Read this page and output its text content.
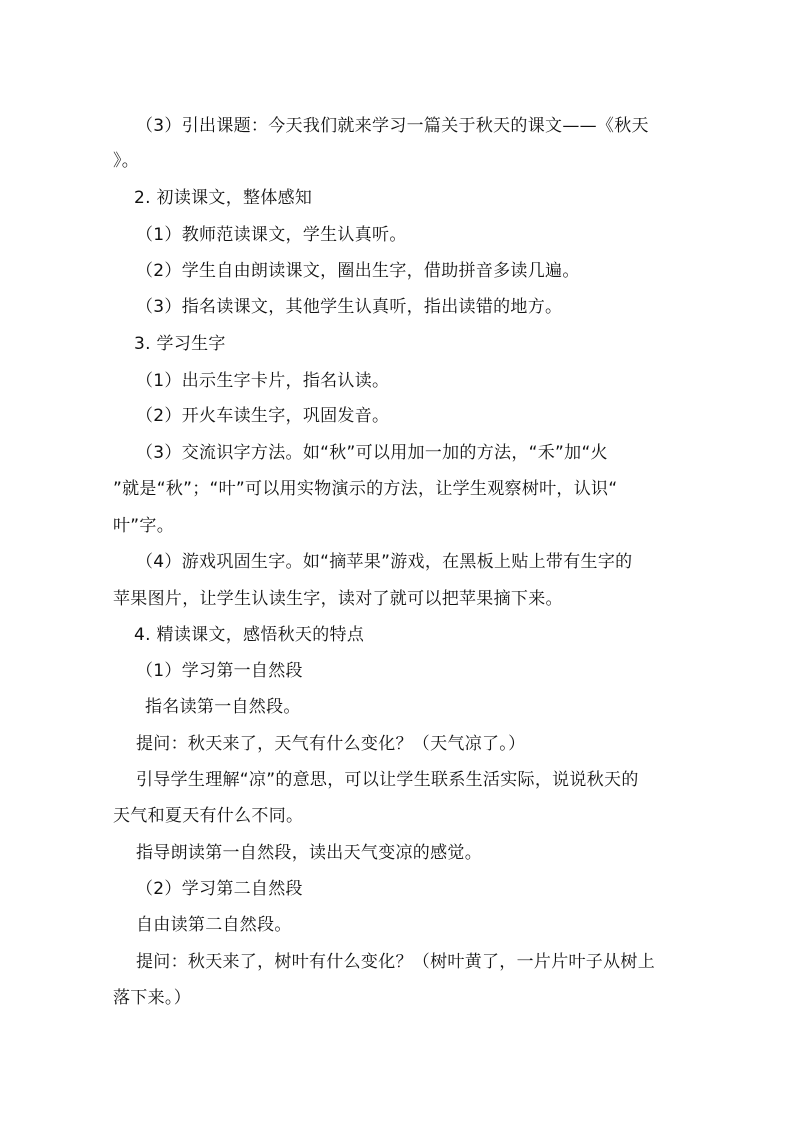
（3）引出课题：今天我们就来学习一篇关于秋天的课文——《秋天
》。
2. 初读课文，整体感知
（1）教师范读课文，学生认真听。
（2）学生自由朗读课文，圈出生字，借助拼音多读几遍。
（3）指名读课文，其他学生认真听，指出读错的地方。
3. 学习生字
（1）出示生字卡片，指名认读。
（2）开火车读生字，巩固发音。
（3）交流识字方法。如“秋”可以用加一加的方法，“禾”加“火
”就是“秋”；“叶”可以用实物演示的方法，让学生观察树叶，认识“
叶”字。
（4）游戏巩固生字。如“摘苹果”游戏，在黑板上贴上带有生字的
苹果图片，让学生认读生字，读对了就可以把苹果摘下来。
4. 精读课文，感悟秋天的特点
（1）学习第一自然段
指名读第一自然段。
提问：秋天来了，天气有什么变化？（天气凉了。）
引导学生理解“凉”的意思，可以让学生联系生活实际，说说秋天的
天气和夏天有什么不同。
指导朗读第一自然段，读出天气变凉的感觉。
（2）学习第二自然段
自由读第二自然段。
提问：秋天来了，树叶有什么变化？（树叶黄了，一片片叶子从树上
落下来。）
